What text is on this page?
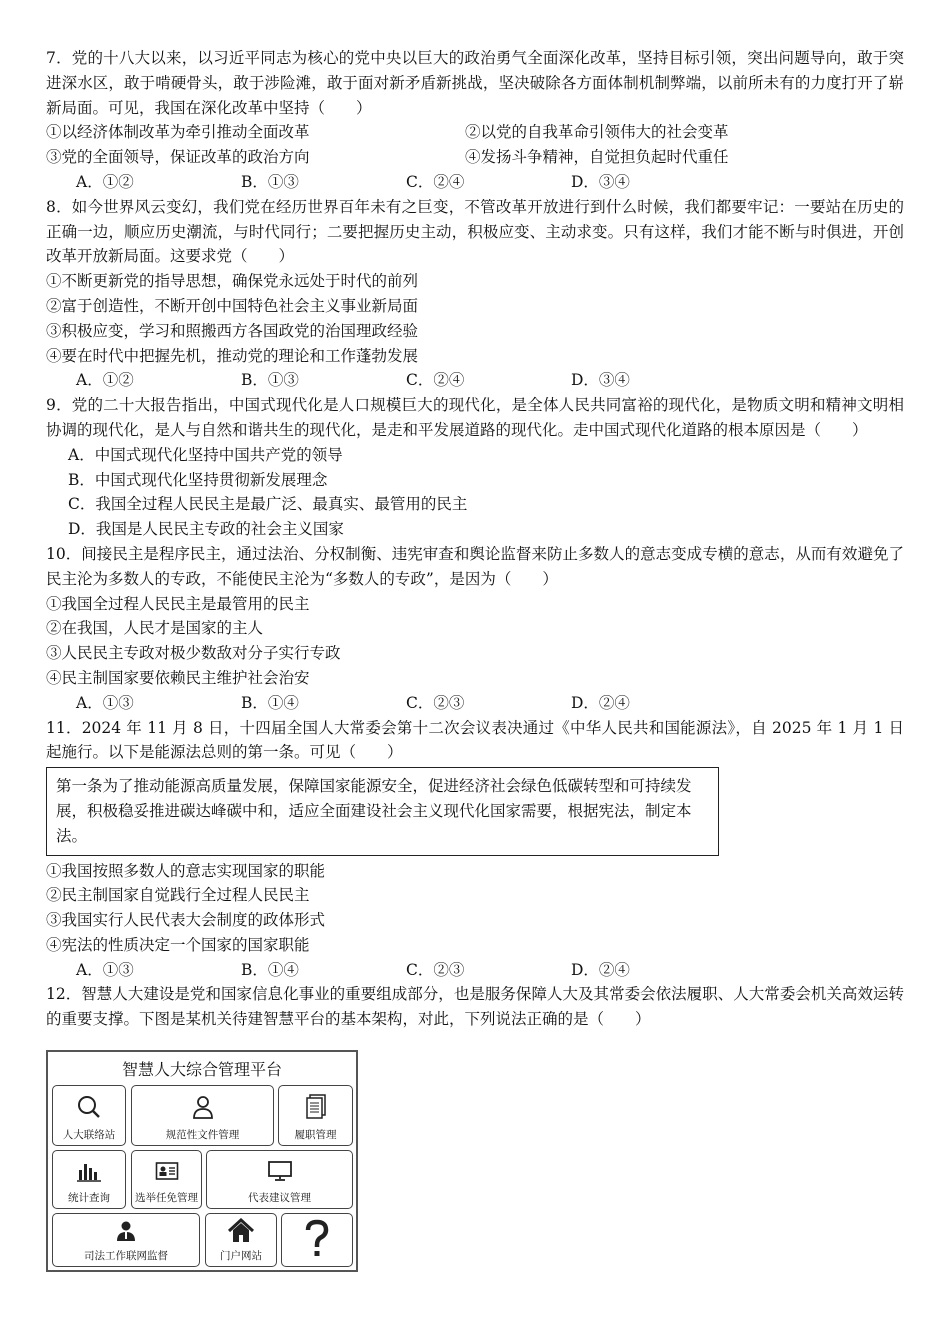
7．党的十八大以来，以习近平同志为核心的党中央以巨大的政治勇气全面深化改革，坚持目标引领，突出问题导向，敢于突进深水区，敢于啃硬骨头，敢于涉险滩，敢于面对新矛盾新挑战，坚决破除各方面体制机制弊端，以前所未有的力度打开了崭新局面。可见，我国在深化改革中坚持（　　）
①以经济体制改革为牵引推动全面改革	②以党的自我革命引领伟大的社会变革
③党的全面领导，保证改革的政治方向	④发扬斗争精神，自觉担负起时代重任
A．①②	B．①③	C．②④	D．③④
8．如今世界风云变幻，我们党在经历世界百年未有之巨变，不管改革开放进行到什么时候，我们都要牢记：一要站在历史的正确一边，顺应历史潮流，与时代同行；二要把握历史主动，积极应变、主动求变。只有这样，我们才能不断与时俱进，开创改革开放新局面。这要求党（　　）
①不断更新党的指导思想，确保党永远处于时代的前列
②富于创造性，不断开创中国特色社会主义事业新局面
③积极应变，学习和照搬西方各国政党的治国理政经验
④要在时代中把握先机，推动党的理论和工作蓬勃发展
A．①②	B．①③	C．②④	D．③④
9．党的二十大报告指出，中国式现代化是人口规模巨大的现代化，是全体人民共同富裕的现代化，是物质文明和精神文明相协调的现代化，是人与自然和谐共生的现代化，是走和平发展道路的现代化。走中国式现代化道路的根本原因是（　　）
A．中国式现代化坚持中国共产党的领导
B．中国式现代化坚持贯彻新发展理念
C．我国全过程人民民主是最广泛、最真实、最管用的民主
D．我国是人民民主专政的社会主义国家
10．间接民主是程序民主，通过法治、分权制衡、违宪审查和舆论监督来防止多数人的意志变成专横的意志，从而有效避免了民主沦为多数人的专政，不能使民主沦为“多数人的专政”，是因为（　　）
①我国全过程人民民主是最管用的民主
②在我国，人民才是国家的主人
③人民民主专政对极少数敌对分子实行专政
④民主制国家要依赖民主维护社会治安
A．①③	B．①④	C．②③	D．②④
11．2024 年 11 月 8 日，十四届全国人大常委会第十二次会议表决通过《中华人民共和国能源法》，自 2025 年 1 月 1 日起施行。以下是能源法总则的第一条。可见（　　）
第一条为了推动能源高质量发展，保障国家能源安全，促进经济社会绿色低碳转型和可持续发展，积极稳妥推进碳达峰碳中和，适应全面建设社会主义现代化国家需要，根据宪法，制定本法。
①我国按照多数人的意志实现国家的职能
②民主制国家自觉践行全过程人民民主
③我国实行人民代表大会制度的政体形式
④宪法的性质决定一个国家的国家职能
A．①③	B．①④	C．②③	D．②④
12．智慧人大建设是党和国家信息化事业的重要组成部分，也是服务保障人大及其常委会依法履职、人大常委会机关高效运转的重要支撑。下图是某机关待建智慧平台的基本架构，对此，下列说法正确的是（　　）
智慧人大综合管理平台
人大联络站	规范性文件管理	履职管理
统计查询 选举任免管理	代表建议管理
司法工作联网监督	门户网站
